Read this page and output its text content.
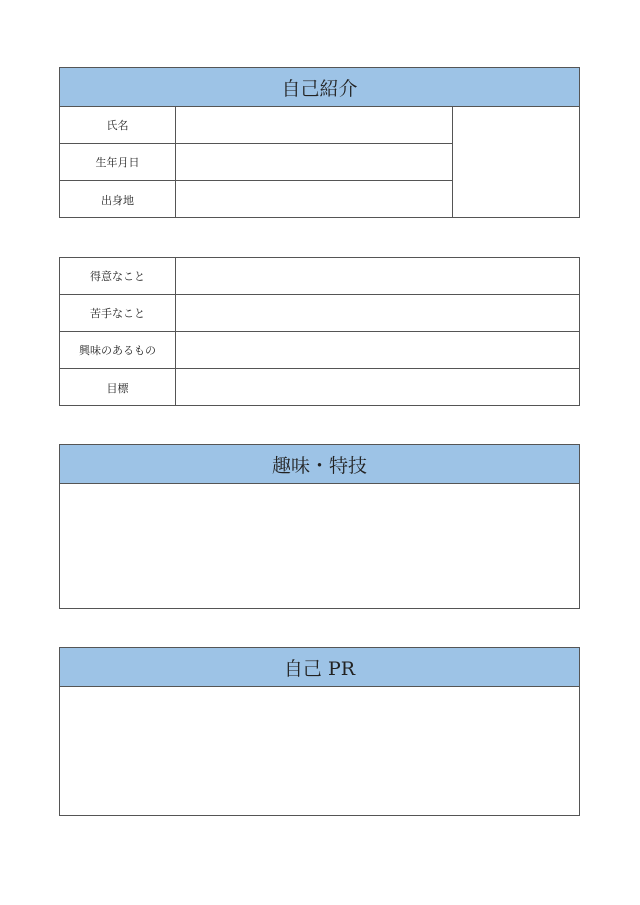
自己紹介
氏名
生年月日
出身地
得意なこと
苦手なこと
興味のあるもの
目標
趣味・特技
自己 PR
